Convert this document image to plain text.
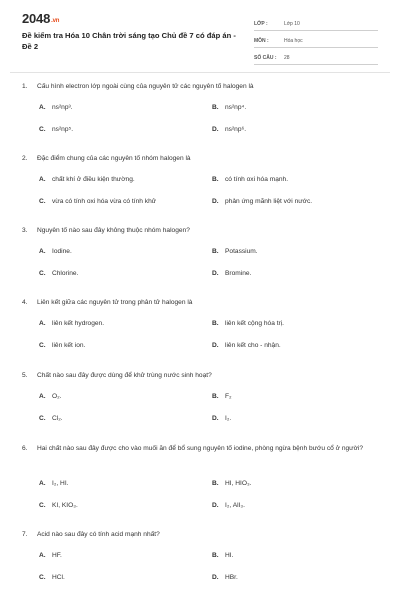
2048.vn
Đề kiểm tra Hóa 10 Chân trời sáng tạo Chủ đề 7 có đáp án - Đề 2
LỚP :	Lớp 10
MÔN :	Hóa học
SỐ CÂU :	28
1.	Cấu hình electron lớp ngoài cùng của nguyên tử các nguyên tố halogen là
A. ns²np³.	B. ns²np⁴.
C. ns²np⁵.	D. ns²np⁶.
2.	Đặc điểm chung của các nguyên tố nhóm halogen là
A. chất khí ở điều kiện thường.	B. có tính oxi hóa mạnh.
C. vừa có tính oxi hóa vừa có tính khử	D. phản ứng mãnh liệt với nước.
3.	Nguyên tố nào sau đây không thuộc nhóm halogen?
A. Iodine.	B. Potassium.
C. Chlorine.	D. Bromine.
4.	Liên kết giữa các nguyên tử trong phân tử halogen là
A. liên kết hydrogen.	B. liên kết cộng hóa trị.
C. liên kết ion.	D. liên kết cho - nhận.
5.	Chất nào sau đây được dùng để khử trùng nước sinh hoạt?
A. O₂.	B. F₂
C. Cl₂.	D. I₂.
6.	Hai chất nào sau đây được cho vào muối ăn để bổ sung nguyên tố iodine, phòng ngừa bệnh bướu cổ ở người?
A. I₂, HI.	B. HI, HIO₃.
C. KI, KIO₃.	D. I₂, AlI₃.
7.	Acid nào sau đây có tính acid mạnh nhất?
A. HF.	B. HI.
C. HCl.	D. HBr.
